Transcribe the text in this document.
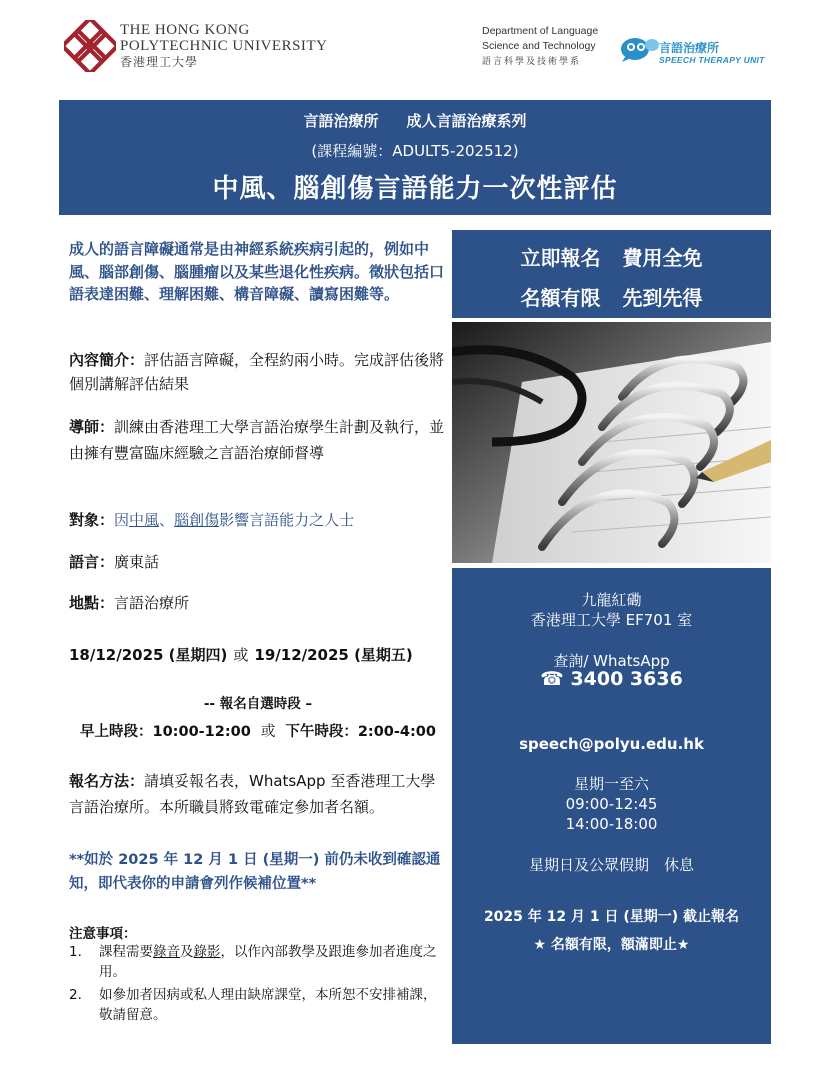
THE HONG KONG
POLYTECHNIC UNIVERSITY
香港理工大學
Department of Language
Science and Technology
語言科學及技術學系
言語治療所
SPEECH THERAPY UNIT
言語治療所 成人言語治療系列
(課程編號：ADULT5-202512)
中風、腦創傷言語能力一次性評估
成人的語言障礙通常是由神經系統疾病引起的，例如中風、腦部創傷、腦腫瘤以及某些退化性疾病。徵狀包括口語表達困難、理解困難、構音障礙、讀寫困難等。
內容簡介：評估語言障礙，全程約兩小時。完成評估後將個別講解評估結果
導師：訓練由香港理工大學言語治療學生計劃及執行，並由擁有豐富臨床經驗之言語治療師督導
對象：因中風、腦創傷影響言語能力之人士
語言：廣東話
地點：言語治療所
18/12/2025 (星期四) 或 19/12/2025 (星期五)
-- 報名自選時段 –
早上時段：10:00-12:00 或 下午時段：2:00-4:00
報名方法：請填妥報名表，WhatsApp 至香港理工大學言語治療所。本所職員將致電確定參加者名額。
**如於 2025 年 12 月 1 日 (星期一) 前仍未收到確認通知，即代表你的申請會列作候補位置**
注意事項：
1. 課程需要錄音及錄影，以作內部教學及跟進參加者進度之用。
2. 如參加者因病或私人理由缺席課堂，本所恕不安排補課，敬請留意。
立即報名 費用全免
名額有限 先到先得
九龍紅磡
香港理工大學 EF701 室
查詢/ WhatsApp
☎ 3400 3636
speech@polyu.edu.hk
星期一至六
09:00-12:45
14:00-18:00
星期日及公眾假期　休息
2025 年 12 月 1 日 (星期一) 截止報名
★ 名額有限，額滿即止★
